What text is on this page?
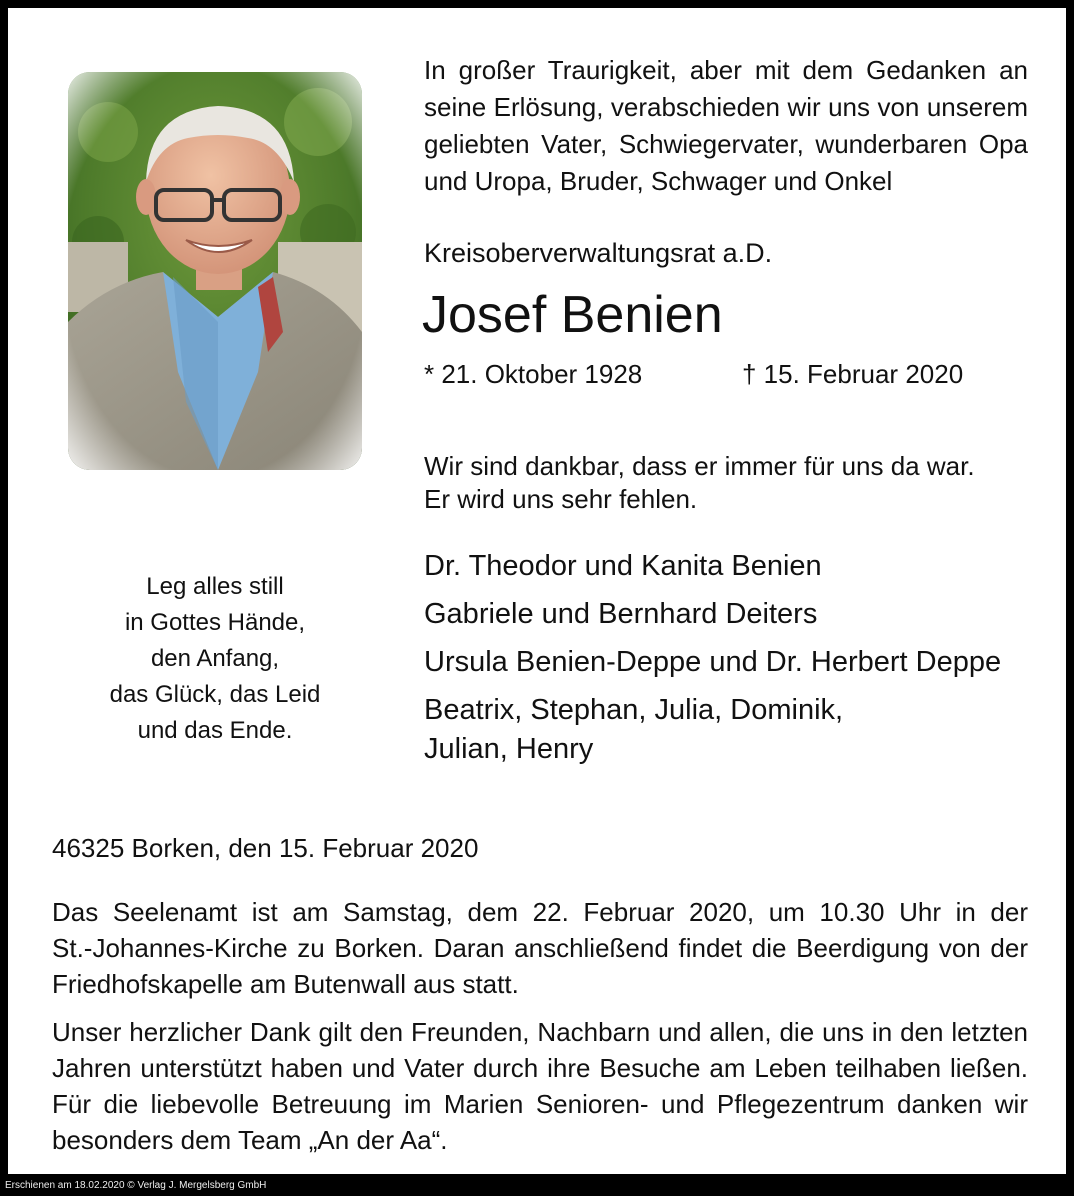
In großer Traurigkeit, aber mit dem Gedanken an
seine Erlösung, verabschieden wir uns von unserem
geliebten Vater, Schwiegervater, wunderbaren Opa
und Uropa, Bruder, Schwager und Onkel
Kreisoberverwaltungsrat a.D.
Josef Benien
* 21. Oktober 1928	† 15. Februar 2020
Wir sind dankbar, dass er immer für uns da war.
Er wird uns sehr fehlen.
Dr. Theodor und Kanita Benien
Gabriele und Bernhard Deiters
Ursula Benien-Deppe und Dr. Herbert Deppe
Beatrix, Stephan, Julia, Dominik,
Julian, Henry
Leg alles still
in Gottes Hände,
den Anfang,
das Glück, das Leid
und das Ende.
46325 Borken, den 15. Februar 2020
Das Seelenamt ist am Samstag, dem 22. Februar 2020, um 10.30 Uhr in der
St.-Johannes-Kirche zu Borken. Daran anschließend findet die Beerdigung von der
Friedhofskapelle am Butenwall aus statt.
Unser herzlicher Dank gilt den Freunden, Nachbarn und allen, die uns in den letzten
Jahren unterstützt haben und Vater durch ihre Besuche am Leben teilhaben ließen.
Für die liebevolle Betreuung im Marien Senioren- und Pflegezentrum danken wir
besonders dem Team „An der Aa“.
Erschienen am 18.02.2020 © Verlag J. Mergelsberg GmbH
